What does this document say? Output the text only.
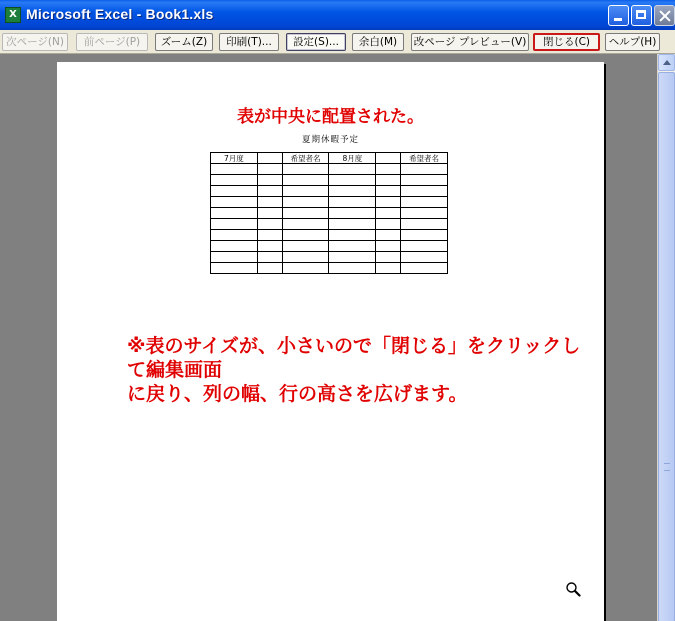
X Microsoft Excel - Book1.xls
次ページ(N)	前ページ(P)	ズーム(Z)	印刷(T)...	設定(S)...	余白(M)	改ページ プレビュー(V)	閉じる(C)	ヘルプ(H)
表が中央に配置された。
夏期休暇予定
7月度		希望者名	8月度		希望者名

※表のサイズが、小さいので「閉じる」をクリックして編集画面
に戻り、列の幅、行の高さを広げます。
